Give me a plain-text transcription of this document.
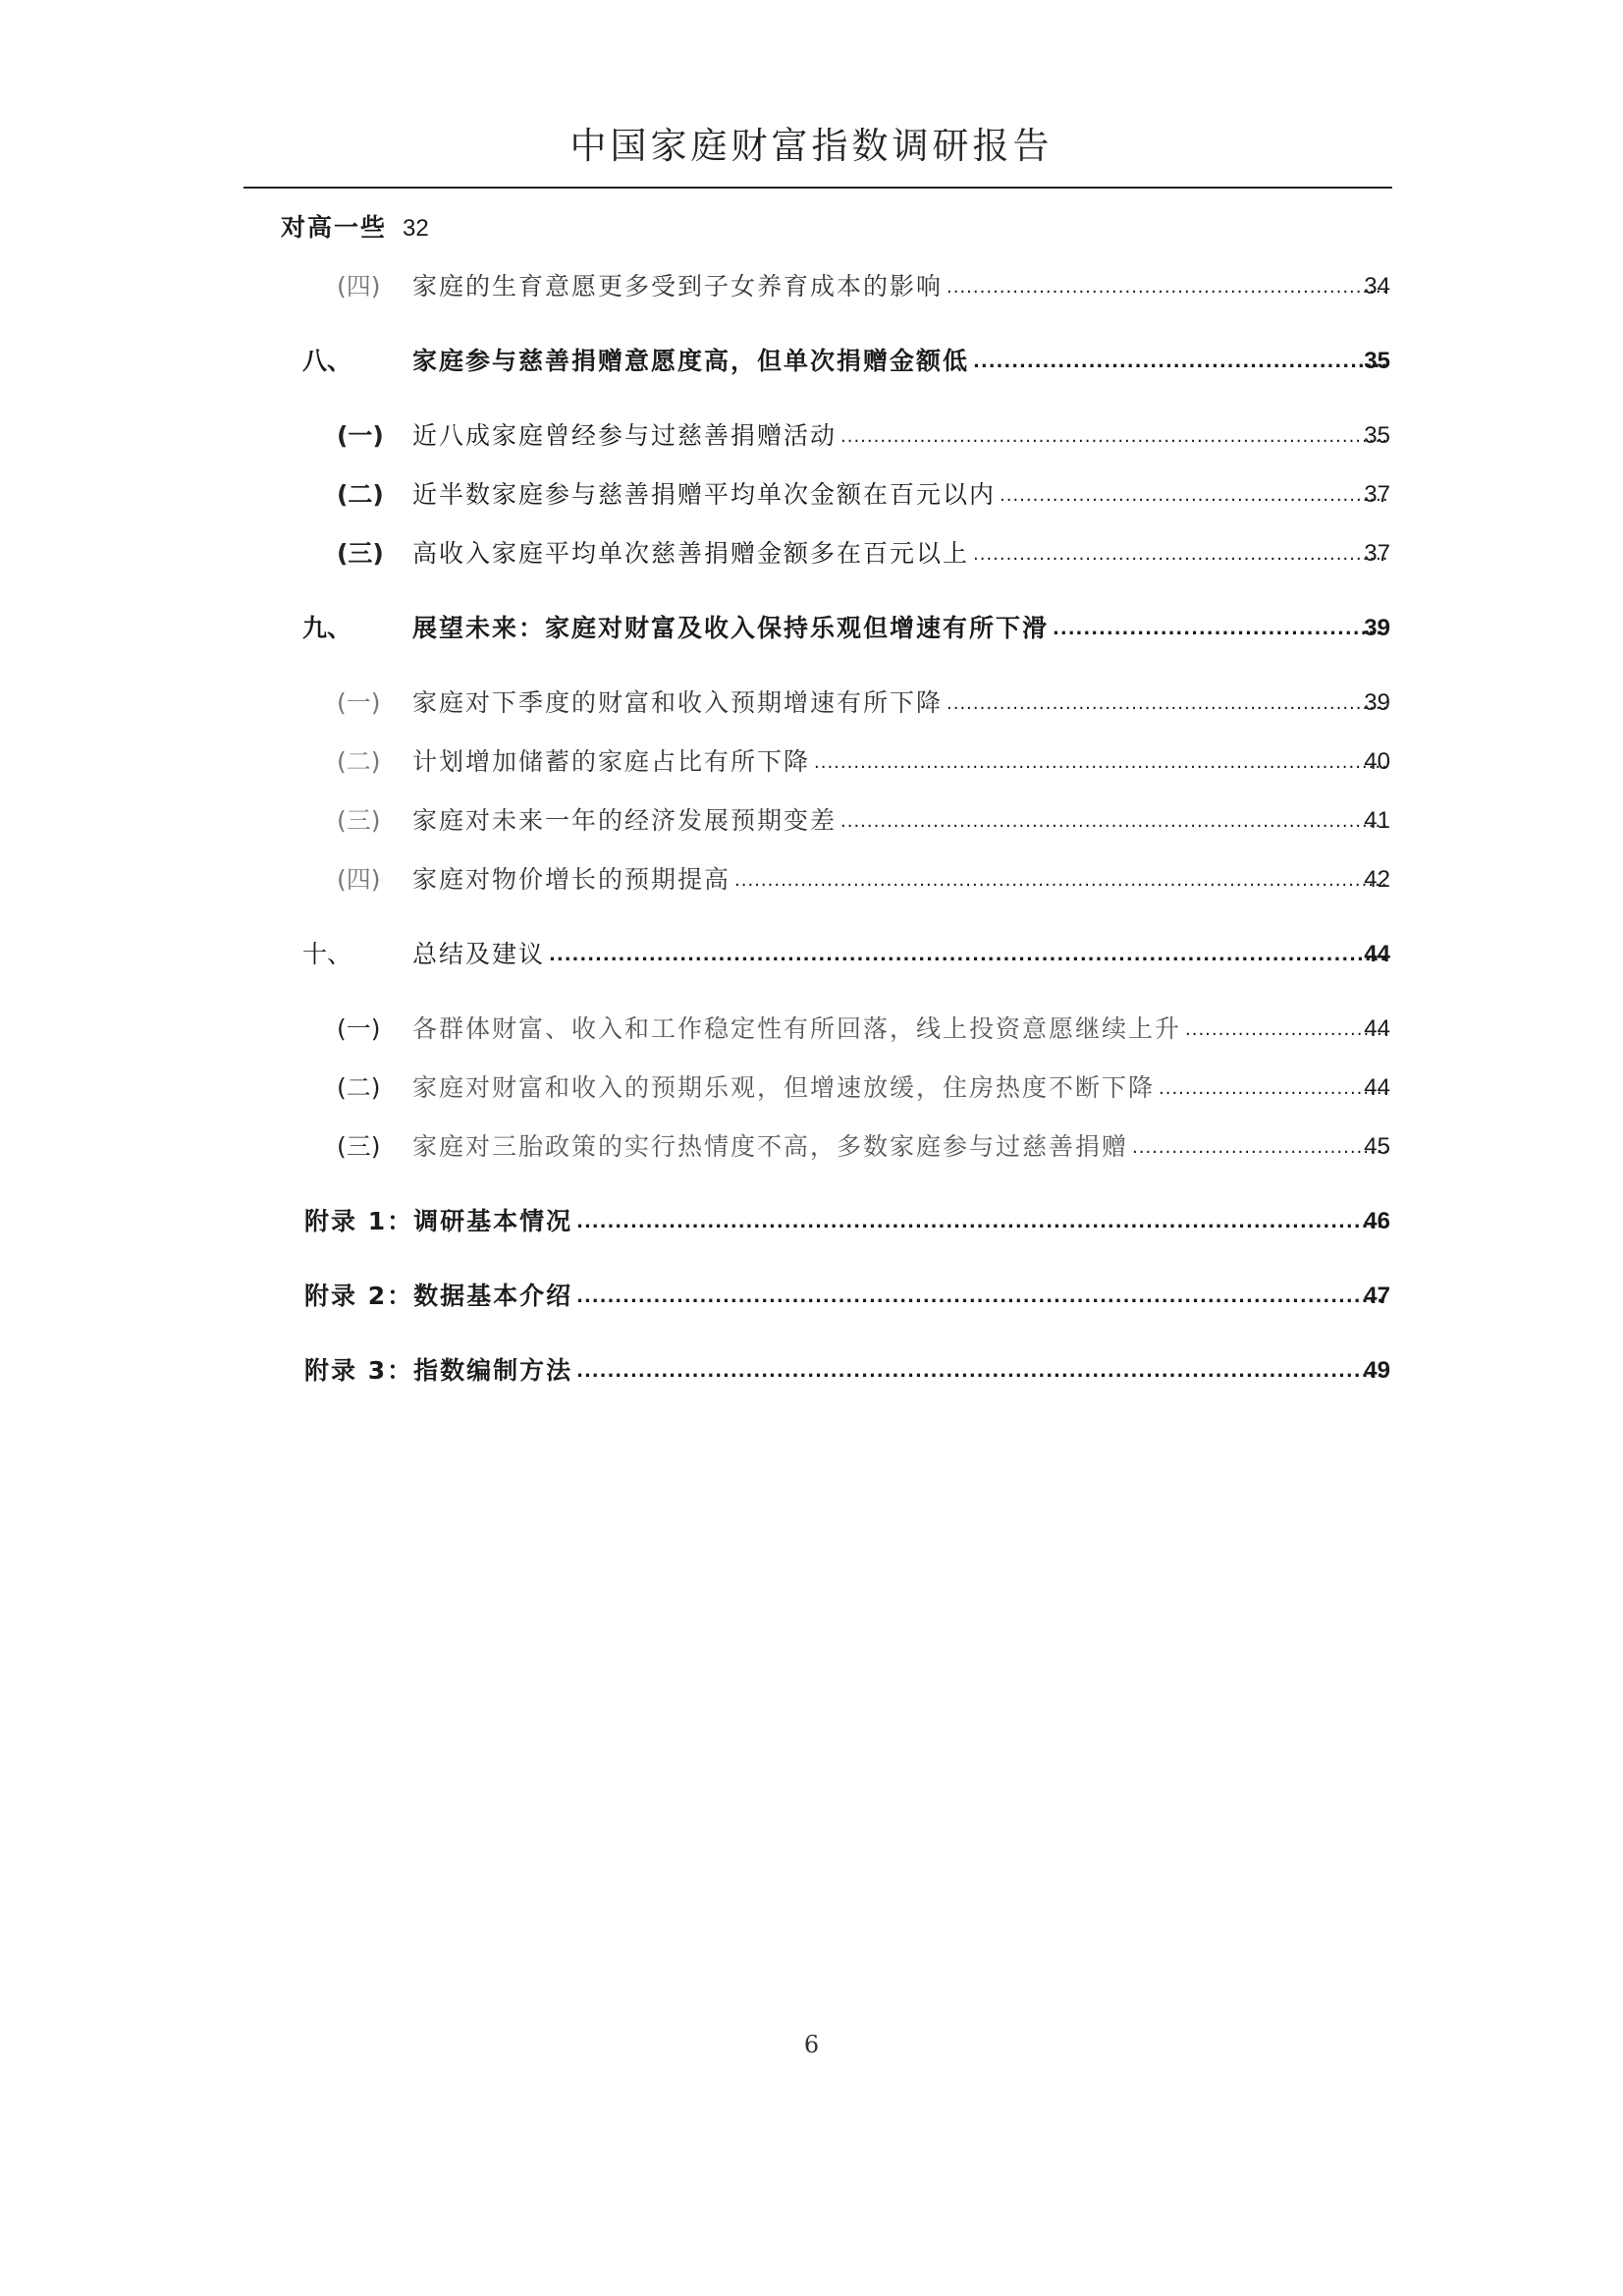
中国家庭财富指数调研报告
对高一些 32
(四) 家庭的生育意愿更多受到子女养育成本的影响 .....	34
八、 家庭参与慈善捐赠意愿度高，但单次捐赠金额低 .....	35
(一) 近八成家庭曾经参与过慈善捐赠活动 .....	35
(二) 近半数家庭参与慈善捐赠平均单次金额在百元以内 .....	37
(三) 高收入家庭平均单次慈善捐赠金额多在百元以上 .....	37
九、 展望未来：家庭对财富及收入保持乐观但增速有所下滑 .....	39
(一) 家庭对下季度的财富和收入预期增速有所下降 .....	39
(二) 计划增加储蓄的家庭占比有所下降 .....	40
(三) 家庭对未来一年的经济发展预期变差 .....	41
(四) 家庭对物价增长的预期提高 .....	42
十、 总结及建议 .....	44
(一) 各群体财富、收入和工作稳定性有所回落，线上投资意愿继续上升 .....	44
(二) 家庭对财富和收入的预期乐观，但增速放缓，住房热度不断下降 .....	44
(三) 家庭对三胎政策的实行热情度不高，多数家庭参与过慈善捐赠 .....	45
附录 1：调研基本情况 .....	46
附录 2：数据基本介绍 .....	47
附录 3：指数编制方法 .....	49
6
